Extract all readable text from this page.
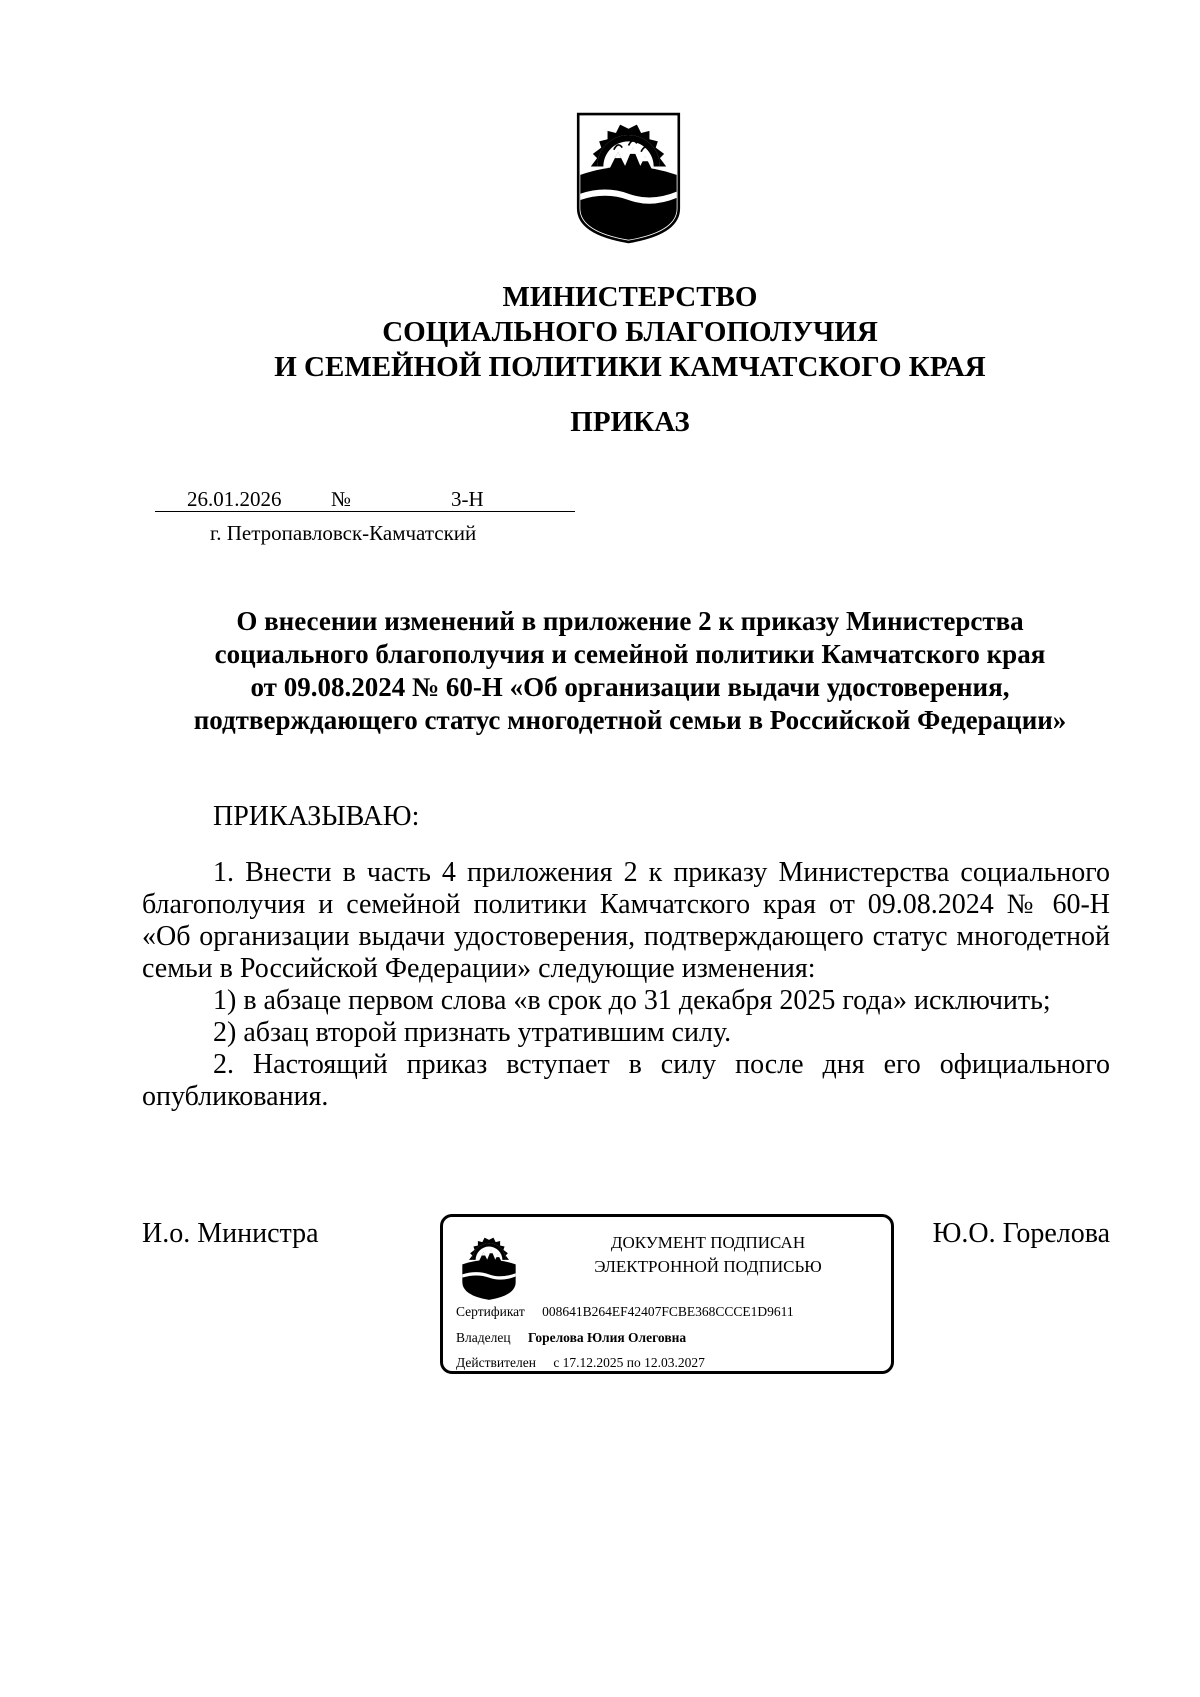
МИНИСТЕРСТВО
СОЦИАЛЬНОГО БЛАГОПОЛУЧИЯ
И СЕМЕЙНОЙ ПОЛИТИКИ КАМЧАТСКОГО КРАЯ
ПРИКАЗ
26.01.2026 №	3-Н
г. Петропавловск-Камчатский
О внесении изменений в приложение 2 к приказу Министерства
социального благополучия и семейной политики Камчатского края
от 09.08.2024 № 60-Н «Об организации выдачи удостоверения,
подтверждающего статус многодетной семьи в Российской Федерации»
ПРИКАЗЫВАЮ:
1. Внести в часть 4 приложения 2 к приказу Министерства социального
благополучия и семейной политики Камчатского края от 09.08.2024 № 60-Н
«Об организации выдачи удостоверения, подтверждающего статус многодетной
семьи в Российской Федерации» следующие изменения:
1) в абзаце первом слова «в срок до 31 декабря 2025 года» исключить;
2) абзац второй признать утратившим силу.
2. Настоящий приказ вступает в силу после дня его официального
опубликования.
И.о. Министра	Ю.О. Горелова
ДОКУМЕНТ ПОДПИСАН
ЭЛЕКТРОННОЙ ПОДПИСЬЮ
Сертификат 008641B264EF42407FCBE368CCCE1D9611
Владелец Горелова Юлия Олеговна
Действителен с 17.12.2025 по 12.03.2027
